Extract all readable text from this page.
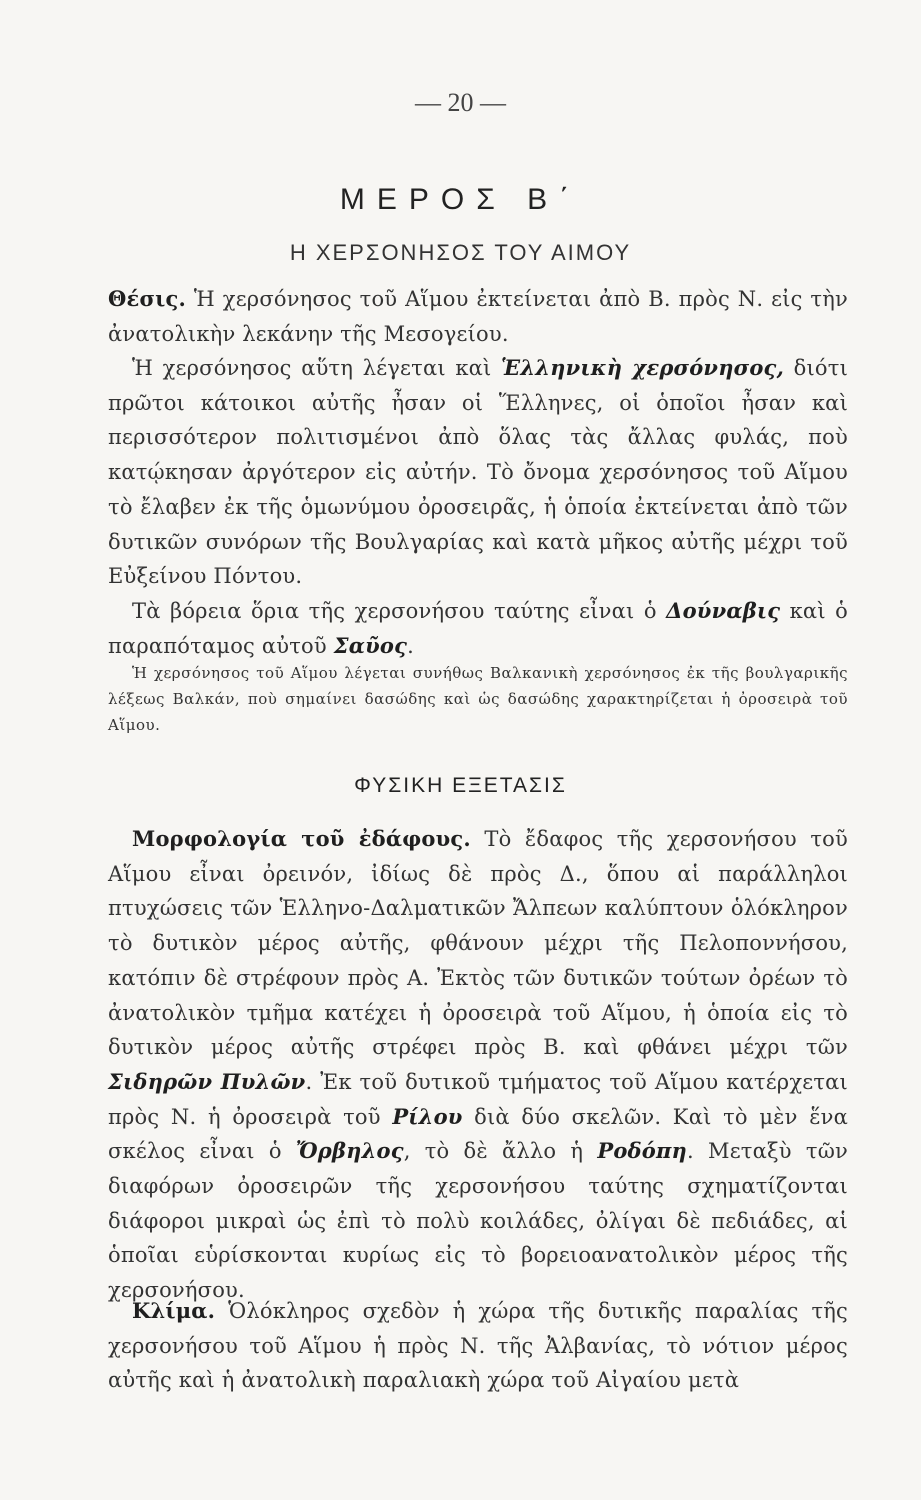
— 20 —
ΜΕΡΟΣ Β΄
Η ΧΕΡΣΟΝΗΣΟΣ ΤΟΥ ΑΙΜΟΥ

Θέσις. Ἡ χερσόνησος τοῦ Αἵμου ἐκτείνεται ἀπὸ Β. πρὸς Ν. εἰς τὴν ἀνατολικὴν λεκάνην τῆς Μεσογείου.

Ἡ χερσόνησος αὕτη λέγεται καὶ Ἑλληνικὴ χερσόνησος, διότι πρῶτοι κάτοικοι αὐτῆς ἦσαν οἱ Ἕλληνες, οἱ ὁποῖοι ἦσαν καὶ περισσότερον πολιτισμένοι ἀπὸ ὅλας τὰς ἄλλας φυλάς, ποὺ κατῴκησαν ἀργότερον εἰς αὐτήν. Τὸ ὄνομα χερσόνησος τοῦ Αἵμου τὸ ἔλαβεν ἐκ τῆς ὁμωνύμου ὀροσειρᾶς, ἡ ὁποία ἐκτείνεται ἀπὸ τῶν δυτικῶν συνόρων τῆς Βουλγαρίας καὶ κατὰ μῆκος αὐτῆς μέχρι τοῦ Εὐξείνου Πόντου.

Τὰ βόρεια ὅρια τῆς χερσονήσου ταύτης εἶναι ὁ Δούναβις καὶ ὁ παραπόταμος αὐτοῦ Σαῦος.

Ἡ χερσόνησος τοῦ Αἵμου λέγεται συνήθως Βαλκανικὴ χερσόνησος ἐκ τῆς βουλγαρικῆς λέξεως Βαλκάν, ποὺ σημαίνει δασώδης καὶ ὡς δασώδης χαρακτηρίζεται ἡ ὀροσειρὰ τοῦ Αἵμου.

ΦΥΣΙΚΗ ΕΞΕΤΑΣΙΣ

Μορφολογία τοῦ ἐδάφους. Τὸ ἔδαφος τῆς χερσονήσου τοῦ Αἵμου εἶναι ὀρεινόν, ἰδίως δὲ πρὸς Δ., ὅπου αἱ παράλληλοι πτυχώσεις τῶν Ἑλληνο-Δαλματικῶν Ἄλπεων καλύπτουν ὁλόκληρον τὸ δυτικὸν μέρος αὐτῆς, φθάνουν μέχρι τῆς Πελοποννήσου, κατόπιν δὲ στρέφουν πρὸς Α. Ἐκτὸς τῶν δυτικῶν τούτων ὀρέων τὸ ἀνατολικὸν τμῆμα κατέχει ἡ ὀροσειρὰ τοῦ Αἵμου, ἡ ὁποία εἰς τὸ δυτικὸν μέρος αὐτῆς στρέφει πρὸς Β. καὶ φθάνει μέχρι τῶν Σιδηρῶν Πυλῶν. Ἐκ τοῦ δυτικοῦ τμήματος τοῦ Αἵμου κατέρχεται πρὸς Ν. ἡ ὀροσειρὰ τοῦ Ρίλου διὰ δύο σκελῶν. Καὶ τὸ μὲν ἕνα σκέλος εἶναι ὁ Ὄρβηλος, τὸ δὲ ἄλλο ἡ Ροδόπη. Μεταξὺ τῶν διαφόρων ὀροσειρῶν τῆς χερσονήσου ταύτης σχηματίζονται διάφοροι μικραὶ ὡς ἐπὶ τὸ πολὺ κοιλάδες, ὀλίγαι δὲ πεδιάδες, αἱ ὁποῖαι εὑρίσκονται κυρίως εἰς τὸ βορειοανατολικὸν μέρος τῆς χερσονήσου.

Κλίμα. Ὁλόκληρος σχεδὸν ἡ χώρα τῆς δυτικῆς παραλίας τῆς χερσονήσου τοῦ Αἵμου ἡ πρὸς Ν. τῆς Ἀλβανίας, τὸ νότιον μέρος αὐτῆς καὶ ἡ ἀνατολικὴ παραλιακὴ χώρα τοῦ Αἰγαίου μετὰ
